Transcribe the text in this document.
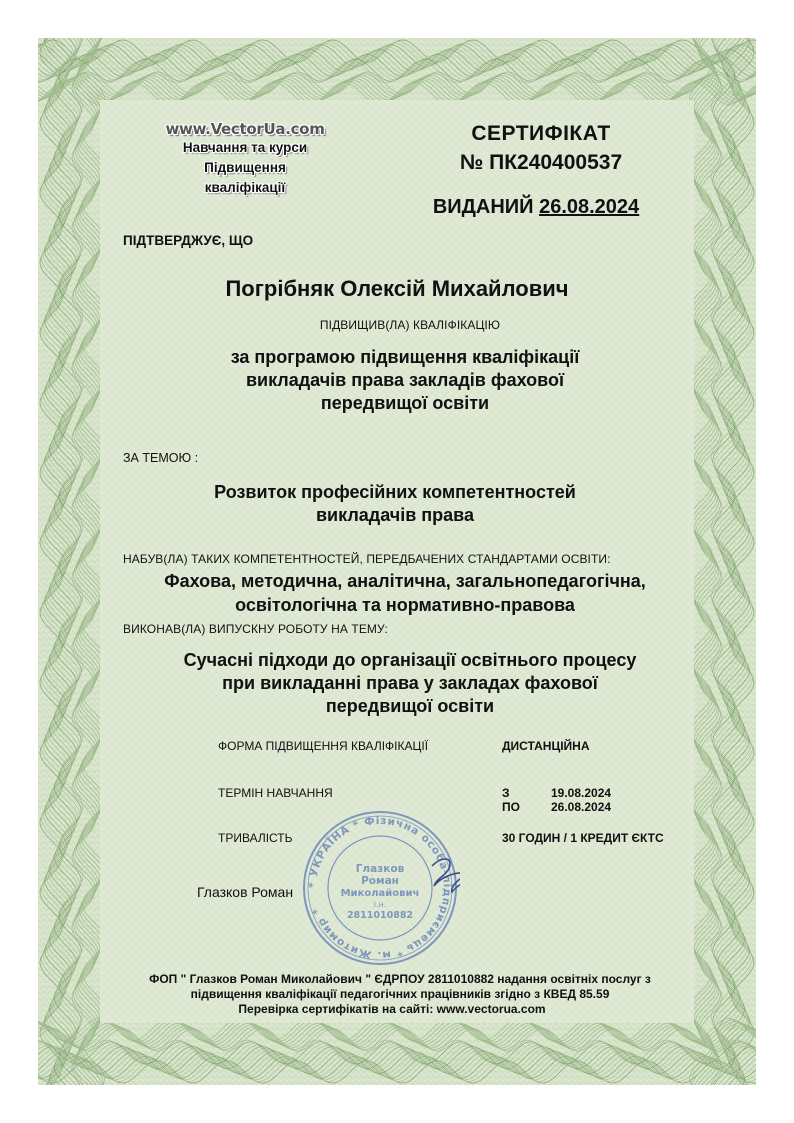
www.VectorUa.com
Навчання та курси
Підвищення
кваліфікації
СЕРТИФІКАТ
№ ПК240400537
ВИДАНИЙ 26.08.2024
ПІДТВЕРДЖУЄ, ЩО
Погрібняк Олексій Михайлович
ПІДВИЩИВ(ЛА) КВАЛІФІКАЦІЮ
за програмою підвищення кваліфікації
викладачів права закладів фахової
передвищої освіти
ЗА ТЕМОЮ :
Розвиток професійних компетентностей
викладачів права
НАБУВ(ЛА) ТАКИХ КОМПЕТЕНТНОСТЕЙ, ПЕРЕДБАЧЕНИХ СТАНДАРТАМИ ОСВІТИ:
Фахова, методична, аналітична, загальнопедагогічна,
освітологічна та нормативно-правова
ВИКОНАВ(ЛА) ВИПУСКНУ РОБОТУ НА ТЕМУ:
Сучасні підходи до організації освітнього процесу
при викладанні права у закладах фахової
передвищої освіти
ФОРМА ПІДВИЩЕННЯ КВАЛІФІКАЦІЇ	ДИСТАНЦІЙНА
ТЕРМІН НАВЧАННЯ	З	19.08.2024
ПО	26.08.2024
ТРИВАЛІСТЬ	30 ГОДИН / 1 КРЕДИТ ЄКТС
Глазков Роман * УКРАЇНА * Фізична особа-підприємець * м. Житомир *
Глазков
Роман
Миколайович
і.н.
2811010882
ФОП " Глазков Роман Миколайович " ЄДРПОУ 2811010882 надання освітніх послуг з
підвищення кваліфікації педагогічних працівників згідно з КВЕД 85.59
Перевірка сертифікатів на сайті: www.vectorua.com
